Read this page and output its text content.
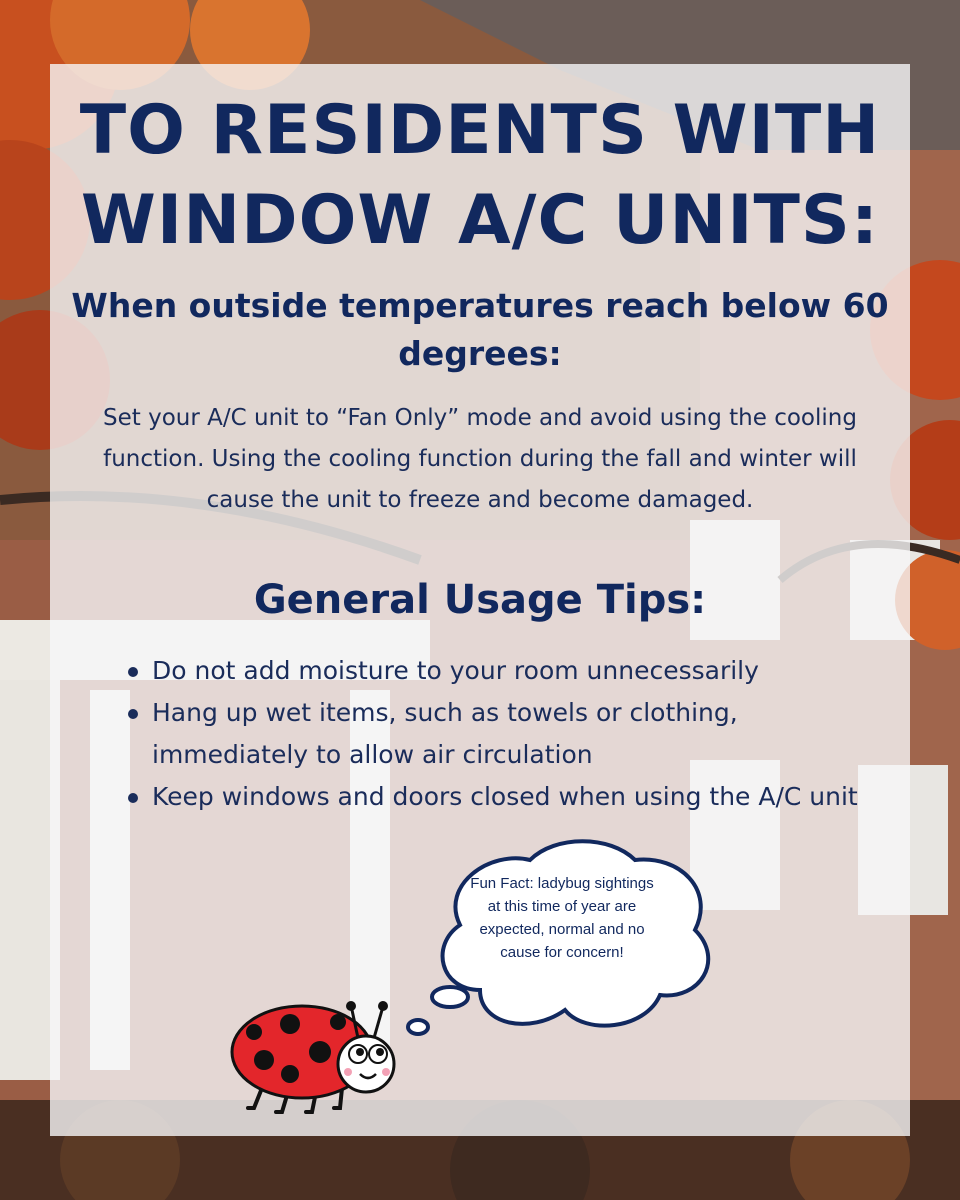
TO RESIDENTS WITH WINDOW A/C UNITS:
When outside temperatures reach below 60 degrees:

Set your A/C unit to “Fan Only” mode and avoid using the cooling function. Using the cooling function during the fall and winter will cause the unit to freeze and become damaged.

General Usage Tips:
Do not add moisture to your room unnecessarily
Hang up wet items, such as towels or clothing, immediately to allow air circulation
Keep windows and doors closed when using the A/C unit

Fun Fact: ladybug sightings at this time of year are expected, normal and no cause for concern!
